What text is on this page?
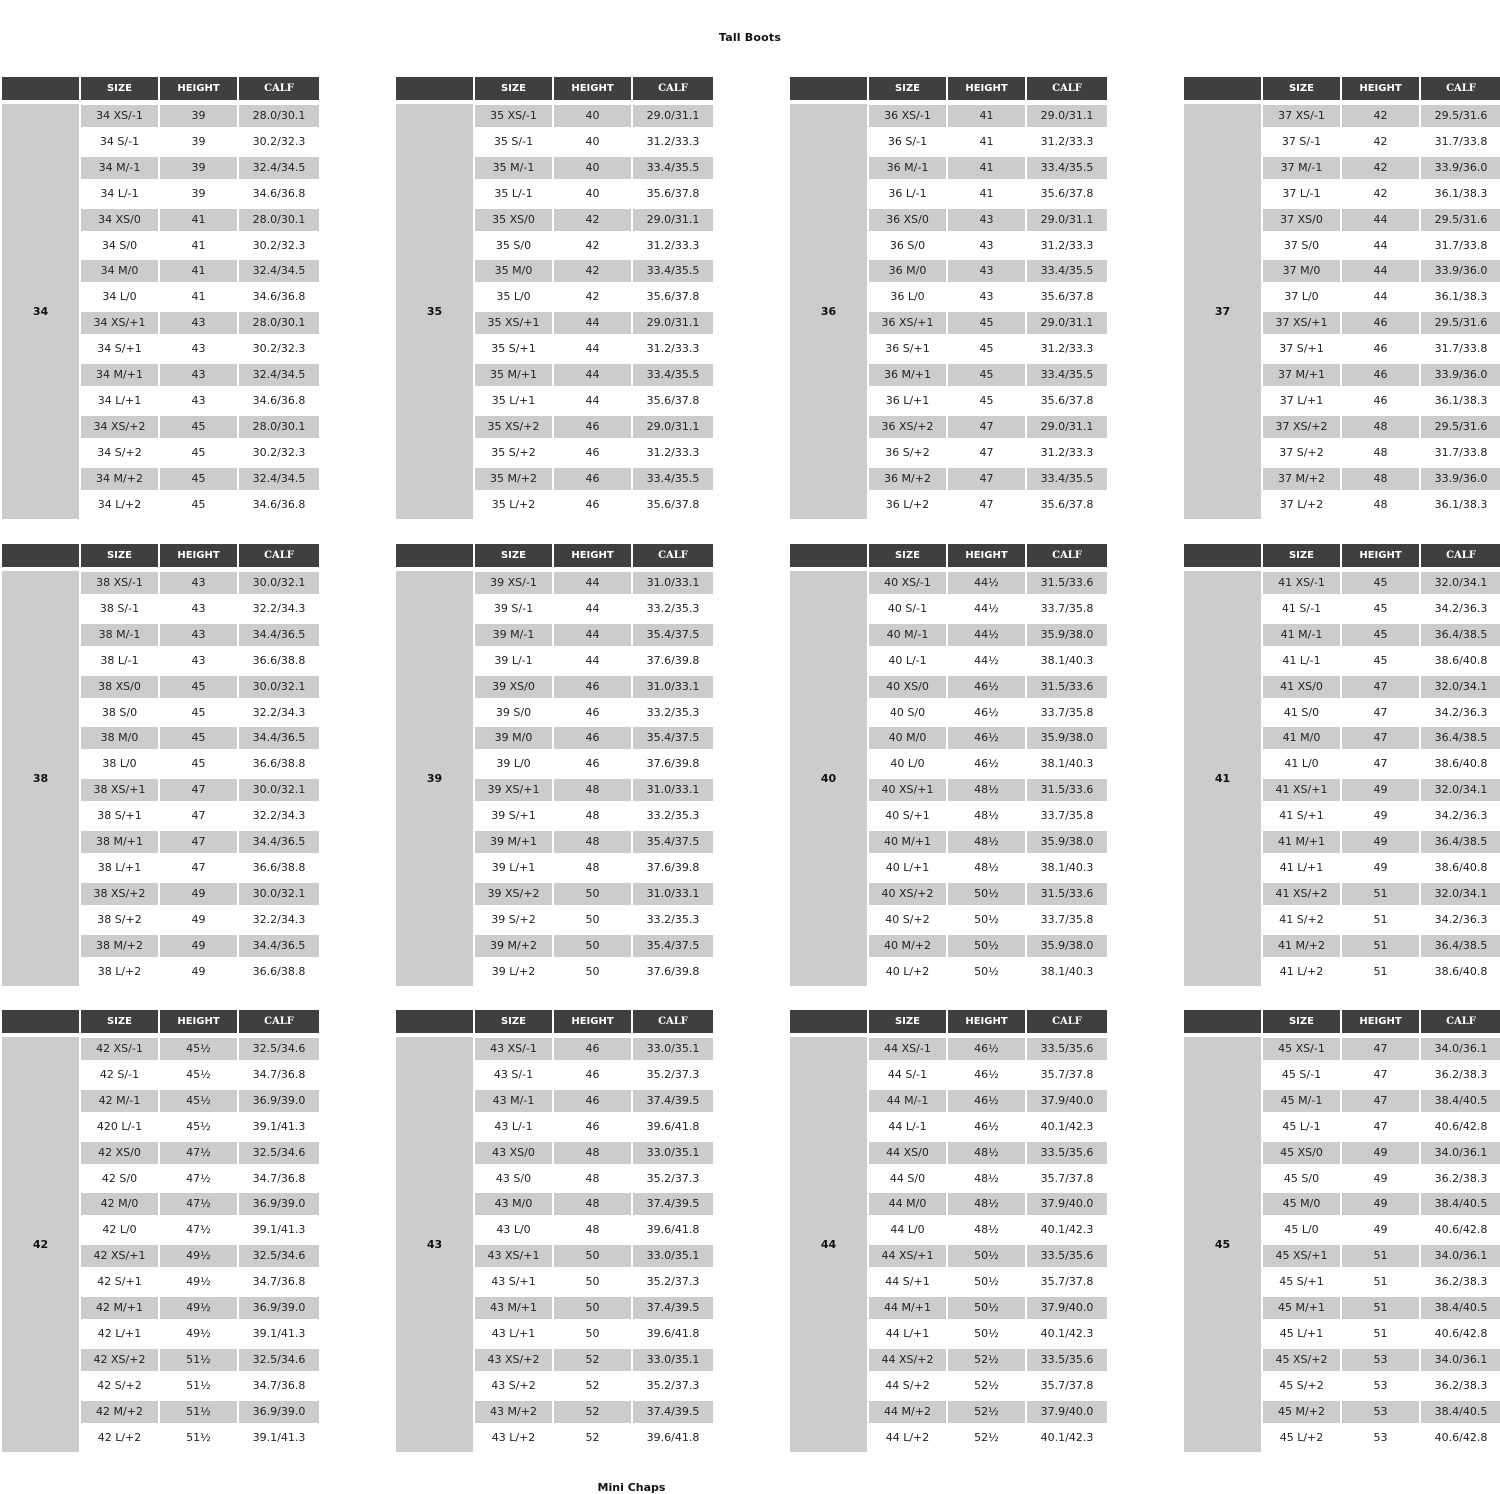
Tall Boots
SIZE	HEIGHT	CALF
34
34 XS/-1	39	28.0/30.1
34 S/-1	39	30.2/32.3
34 M/-1	39	32.4/34.5
34 L/-1	39	34.6/36.8
34 XS/0	41	28.0/30.1
34 S/0	41	30.2/32.3
34 M/0	41	32.4/34.5
34 L/0	41	34.6/36.8
34 XS/+1	43	28.0/30.1
34 S/+1	43	30.2/32.3
34 M/+1	43	32.4/34.5
34 L/+1	43	34.6/36.8
34 XS/+2	45	28.0/30.1
34 S/+2	45	30.2/32.3
34 M/+2	45	32.4/34.5
34 L/+2	45	34.6/36.8
SIZE	HEIGHT	CALF
35
35 XS/-1	40	29.0/31.1
35 S/-1	40	31.2/33.3
35 M/-1	40	33.4/35.5
35 L/-1	40	35.6/37.8
35 XS/0	42	29.0/31.1
35 S/0	42	31.2/33.3
35 M/0	42	33.4/35.5
35 L/0	42	35.6/37.8
35 XS/+1	44	29.0/31.1
35 S/+1	44	31.2/33.3
35 M/+1	44	33.4/35.5
35 L/+1	44	35.6/37.8
35 XS/+2	46	29.0/31.1
35 S/+2	46	31.2/33.3
35 M/+2	46	33.4/35.5
35 L/+2	46	35.6/37.8
SIZE	HEIGHT	CALF
36
36 XS/-1	41	29.0/31.1
36 S/-1	41	31.2/33.3
36 M/-1	41	33.4/35.5
36 L/-1	41	35.6/37.8
36 XS/0	43	29.0/31.1
36 S/0	43	31.2/33.3
36 M/0	43	33.4/35.5
36 L/0	43	35.6/37.8
36 XS/+1	45	29.0/31.1
36 S/+1	45	31.2/33.3
36 M/+1	45	33.4/35.5
36 L/+1	45	35.6/37.8
36 XS/+2	47	29.0/31.1
36 S/+2	47	31.2/33.3
36 M/+2	47	33.4/35.5
36 L/+2	47	35.6/37.8
SIZE	HEIGHT	CALF
37
37 XS/-1	42	29.5/31.6
37 S/-1	42	31.7/33.8
37 M/-1	42	33.9/36.0
37 L/-1	42	36.1/38.3
37 XS/0	44	29.5/31.6
37 S/0	44	31.7/33.8
37 M/0	44	33.9/36.0
37 L/0	44	36.1/38.3
37 XS/+1	46	29.5/31.6
37 S/+1	46	31.7/33.8
37 M/+1	46	33.9/36.0
37 L/+1	46	36.1/38.3
37 XS/+2	48	29.5/31.6
37 S/+2	48	31.7/33.8
37 M/+2	48	33.9/36.0
37 L/+2	48	36.1/38.3
SIZE	HEIGHT	CALF
38
38 XS/-1	43	30.0/32.1
38 S/-1	43	32.2/34.3
38 M/-1	43	34.4/36.5
38 L/-1	43	36.6/38.8
38 XS/0	45	30.0/32.1
38 S/0	45	32.2/34.3
38 M/0	45	34.4/36.5
38 L/0	45	36.6/38.8
38 XS/+1	47	30.0/32.1
38 S/+1	47	32.2/34.3
38 M/+1	47	34.4/36.5
38 L/+1	47	36.6/38.8
38 XS/+2	49	30.0/32.1
38 S/+2	49	32.2/34.3
38 M/+2	49	34.4/36.5
38 L/+2	49	36.6/38.8
SIZE	HEIGHT	CALF
39
39 XS/-1	44	31.0/33.1
39 S/-1	44	33.2/35.3
39 M/-1	44	35.4/37.5
39 L/-1	44	37.6/39.8
39 XS/0	46	31.0/33.1
39 S/0	46	33.2/35.3
39 M/0	46	35.4/37.5
39 L/0	46	37.6/39.8
39 XS/+1	48	31.0/33.1
39 S/+1	48	33.2/35.3
39 M/+1	48	35.4/37.5
39 L/+1	48	37.6/39.8
39 XS/+2	50	31.0/33.1
39 S/+2	50	33.2/35.3
39 M/+2	50	35.4/37.5
39 L/+2	50	37.6/39.8
SIZE	HEIGHT	CALF
40
40 XS/-1	44½	31.5/33.6
40 S/-1	44½	33.7/35.8
40 M/-1	44½	35.9/38.0
40 L/-1	44½	38.1/40.3
40 XS/0	46½	31.5/33.6
40 S/0	46½	33.7/35.8
40 M/0	46½	35.9/38.0
40 L/0	46½	38.1/40.3
40 XS/+1	48½	31.5/33.6
40 S/+1	48½	33.7/35.8
40 M/+1	48½	35.9/38.0
40 L/+1	48½	38.1/40.3
40 XS/+2	50½	31.5/33.6
40 S/+2	50½	33.7/35.8
40 M/+2	50½	35.9/38.0
40 L/+2	50½	38.1/40.3
SIZE	HEIGHT	CALF
41
41 XS/-1	45	32.0/34.1
41 S/-1	45	34.2/36.3
41 M/-1	45	36.4/38.5
41 L/-1	45	38.6/40.8
41 XS/0	47	32.0/34.1
41 S/0	47	34.2/36.3
41 M/0	47	36.4/38.5
41 L/0	47	38.6/40.8
41 XS/+1	49	32.0/34.1
41 S/+1	49	34.2/36.3
41 M/+1	49	36.4/38.5
41 L/+1	49	38.6/40.8
41 XS/+2	51	32.0/34.1
41 S/+2	51	34.2/36.3
41 M/+2	51	36.4/38.5
41 L/+2	51	38.6/40.8
SIZE	HEIGHT	CALF
42
42 XS/-1	45½	32.5/34.6
42 S/-1	45½	34.7/36.8
42 M/-1	45½	36.9/39.0
420 L/-1	45½	39.1/41.3
42 XS/0	47½	32.5/34.6
42 S/0	47½	34.7/36.8
42 M/0	47½	36.9/39.0
42 L/0	47½	39.1/41.3
42 XS/+1	49½	32.5/34.6
42 S/+1	49½	34.7/36.8
42 M/+1	49½	36.9/39.0
42 L/+1	49½	39.1/41.3
42 XS/+2	51½	32.5/34.6
42 S/+2	51½	34.7/36.8
42 M/+2	51½	36.9/39.0
42 L/+2	51½	39.1/41.3
SIZE	HEIGHT	CALF
43
43 XS/-1	46	33.0/35.1
43 S/-1	46	35.2/37.3
43 M/-1	46	37.4/39.5
43 L/-1	46	39.6/41.8
43 XS/0	48	33.0/35.1
43 S/0	48	35.2/37.3
43 M/0	48	37.4/39.5
43 L/0	48	39.6/41.8
43 XS/+1	50	33.0/35.1
43 S/+1	50	35.2/37.3
43 M/+1	50	37.4/39.5
43 L/+1	50	39.6/41.8
43 XS/+2	52	33.0/35.1
43 S/+2	52	35.2/37.3
43 M/+2	52	37.4/39.5
43 L/+2	52	39.6/41.8
SIZE	HEIGHT	CALF
44
44 XS/-1	46½	33.5/35.6
44 S/-1	46½	35.7/37.8
44 M/-1	46½	37.9/40.0
44 L/-1	46½	40.1/42.3
44 XS/0	48½	33.5/35.6
44 S/0	48½	35.7/37.8
44 M/0	48½	37.9/40.0
44 L/0	48½	40.1/42.3
44 XS/+1	50½	33.5/35.6
44 S/+1	50½	35.7/37.8
44 M/+1	50½	37.9/40.0
44 L/+1	50½	40.1/42.3
44 XS/+2	52½	33.5/35.6
44 S/+2	52½	35.7/37.8
44 M/+2	52½	37.9/40.0
44 L/+2	52½	40.1/42.3
SIZE	HEIGHT	CALF
45
45 XS/-1	47	34.0/36.1
45 S/-1	47	36.2/38.3
45 M/-1	47	38.4/40.5
45 L/-1	47	40.6/42.8
45 XS/0	49	34.0/36.1
45 S/0	49	36.2/38.3
45 M/0	49	38.4/40.5
45 L/0	49	40.6/42.8
45 XS/+1	51	34.0/36.1
45 S/+1	51	36.2/38.3
45 M/+1	51	38.4/40.5
45 L/+1	51	40.6/42.8
45 XS/+2	53	34.0/36.1
45 S/+2	53	36.2/38.3
45 M/+2	53	38.4/40.5
45 L/+2	53	40.6/42.8
Mini Chaps
